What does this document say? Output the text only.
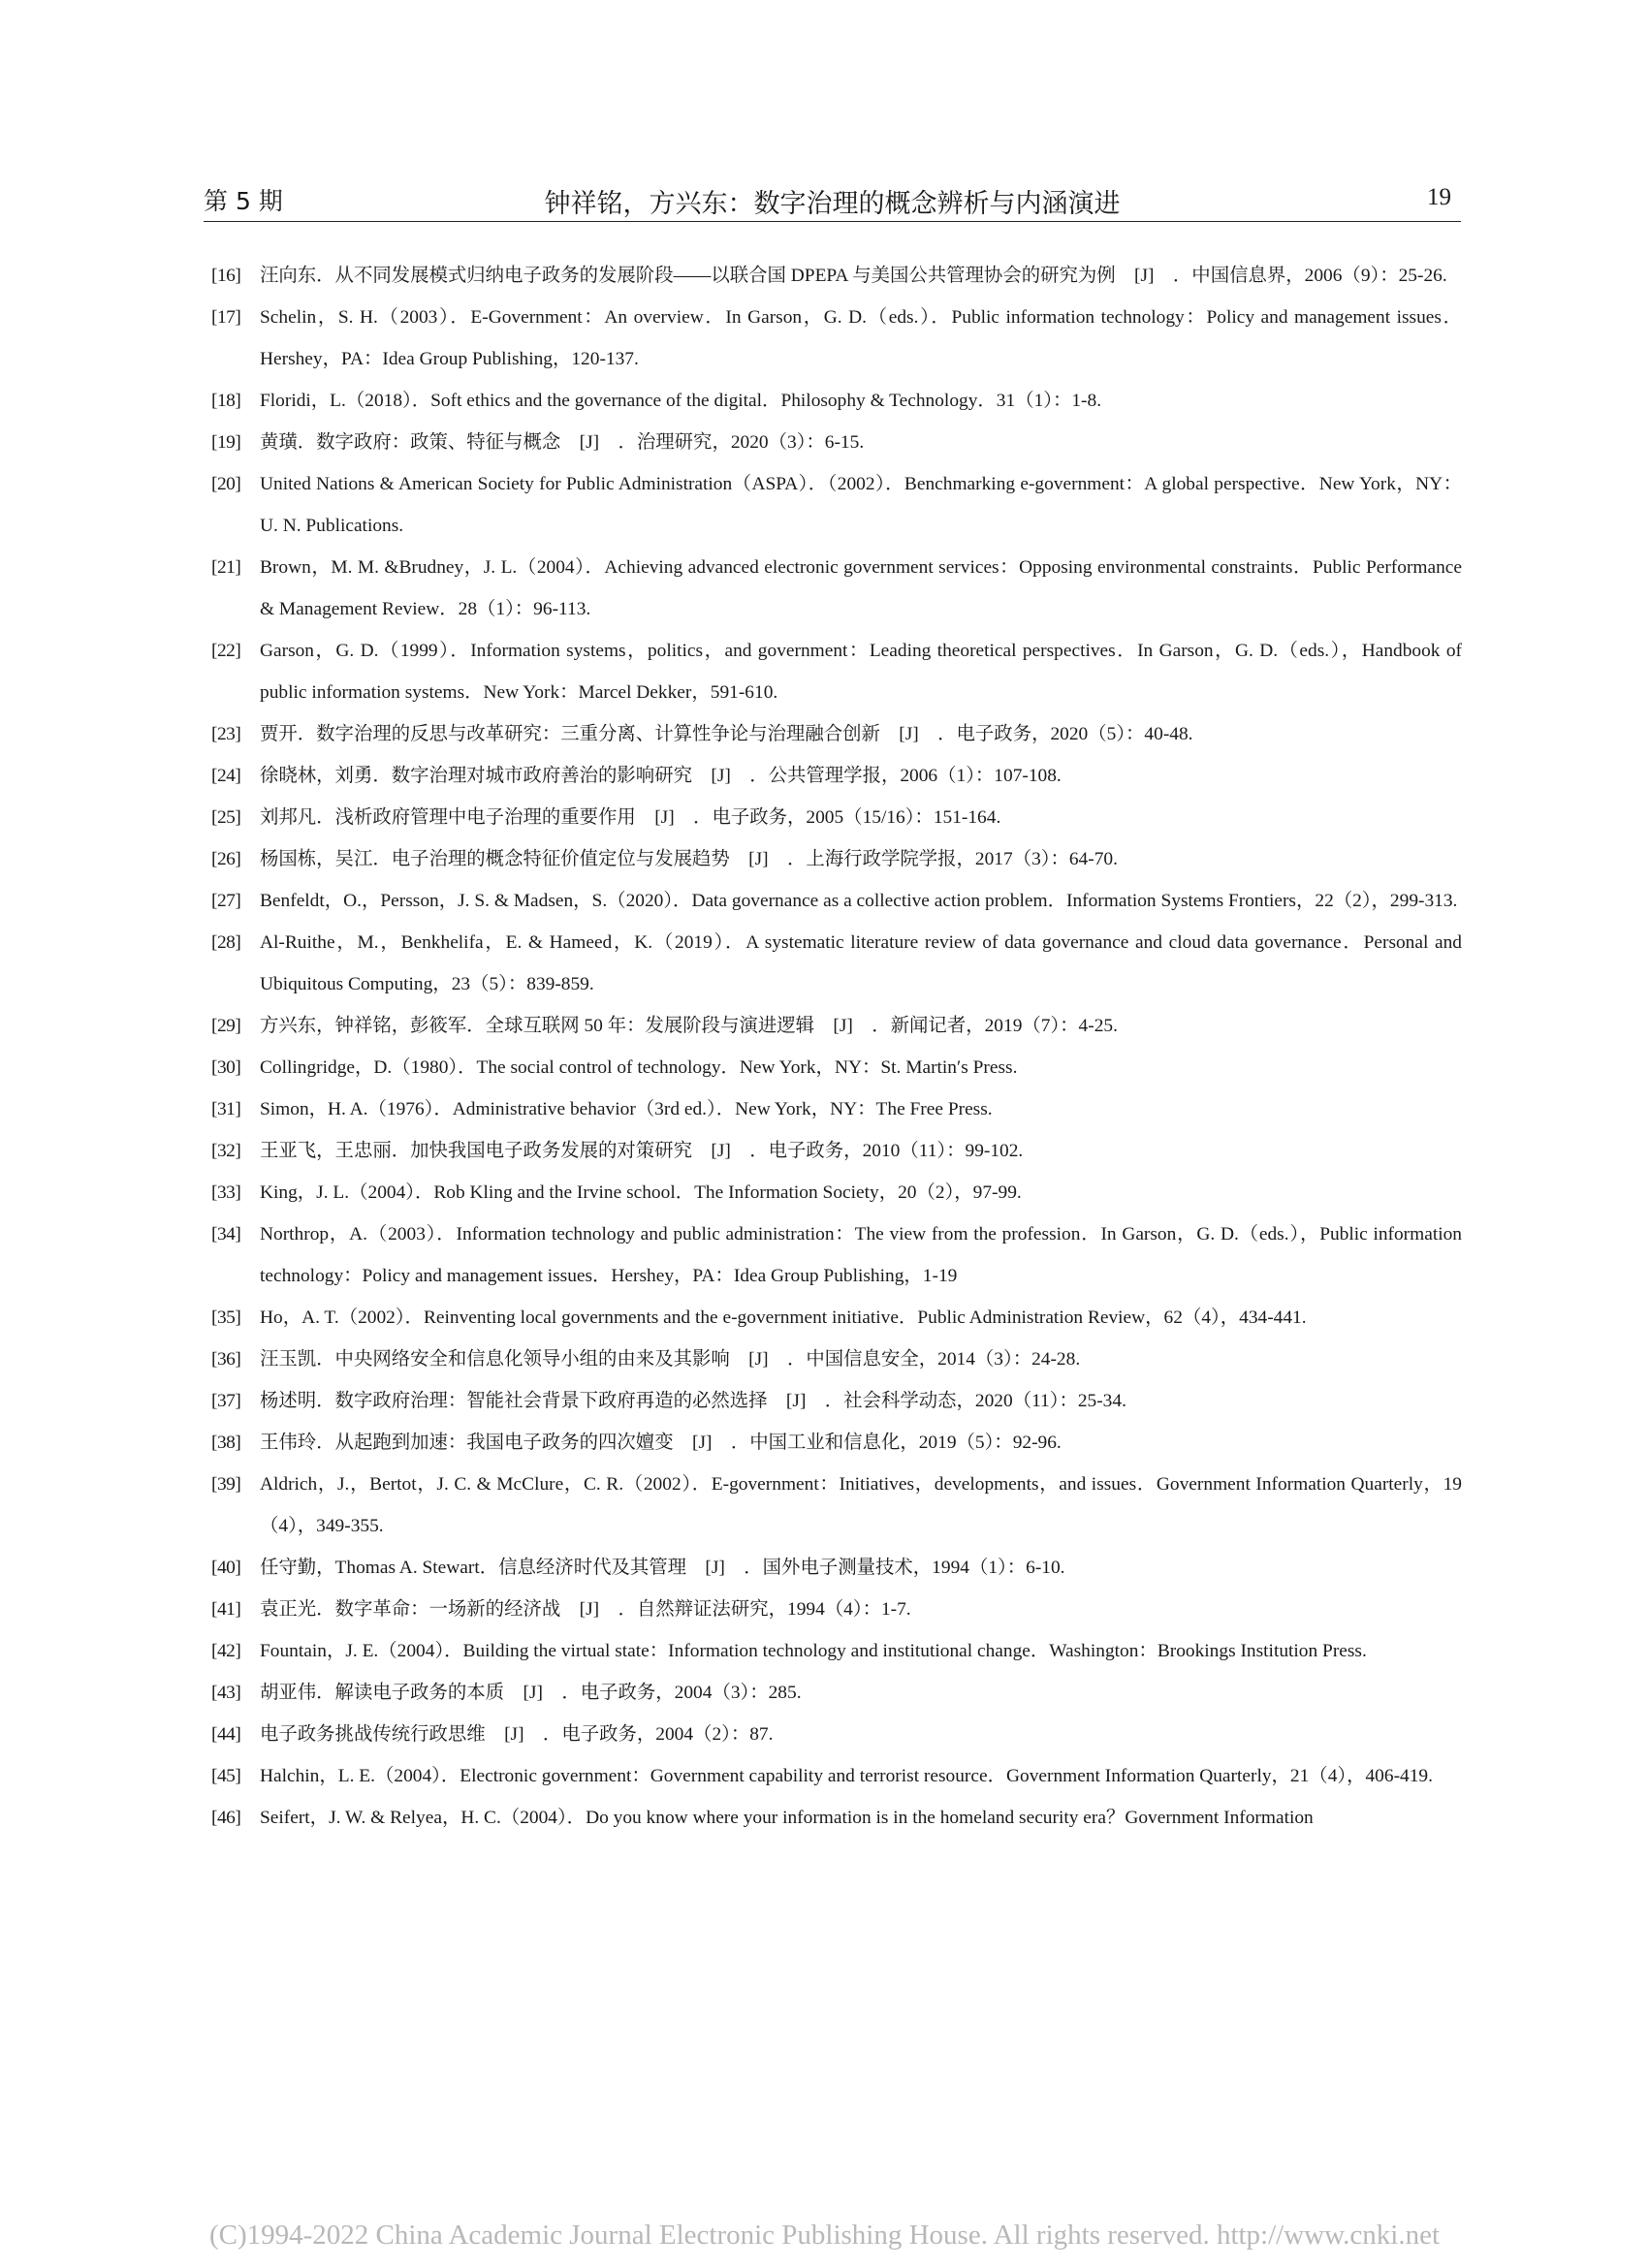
第 5 期	钟祥铭，方兴东：数字治理的概念辨析与内涵演进	19
[16]	汪向东．从不同发展模式归纳电子政务的发展阶段——以联合国 DPEPA 与美国公共管理协会的研究为例　[J]　．中国信息界，2006（9）：25-26.
[17]	Schelin，S. H.（2003）．E-Government：An overview．In Garson，G. D.（eds.）．Public information technology：Policy and management issues．Hershey，PA：Idea Group Publishing，120-137.
[18]	Floridi，L.（2018）．Soft ethics and the governance of the digital．Philosophy & Technology．31（1）：1-8.
[19]	黄璜．数字政府：政策、特征与概念　[J]　．治理研究，2020（3）：6-15.
[20]	United Nations & American Society for Public Administration（ASPA）．（2002）．Benchmarking e-government：A global perspective．New York，NY：U. N. Publications.
[21]	Brown，M. M. &Brudney，J. L.（2004）．Achieving advanced electronic government services：Opposing environmental constraints．Public Performance & Management Review．28（1）：96-113.
[22]	Garson，G. D.（1999）．Information systems，politics，and government：Leading theoretical perspectives．In Garson，G. D.（eds.），Handbook of public information systems．New York：Marcel Dekker，591-610.
[23]	贾开．数字治理的反思与改革研究：三重分离、计算性争论与治理融合创新　[J]　．电子政务，2020（5）：40-48.
[24]	徐晓林，刘勇．数字治理对城市政府善治的影响研究　[J]　．公共管理学报，2006（1）：107-108.
[25]	刘邦凡．浅析政府管理中电子治理的重要作用　[J]　．电子政务，2005（15/16）：151-164.
[26]	杨国栋，吴江．电子治理的概念特征价值定位与发展趋势　[J]　．上海行政学院学报，2017（3）：64-70.
[27]	Benfeldt，O.，Persson，J. S. & Madsen，S.（2020）．Data governance as a collective action problem．Information Systems Frontiers，22（2），299-313.
[28]	Al-Ruithe，M.，Benkhelifa，E. & Hameed，K.（2019）．A systematic literature review of data governance and cloud data governance．Personal and Ubiquitous Computing，23（5）：839-859.
[29]	方兴东，钟祥铭，彭筱军．全球互联网 50 年：发展阶段与演进逻辑　[J]　．新闻记者，2019（7）：4-25.
[30]	Collingridge，D.（1980）．The social control of technology．New York，NY：St. Martin′s Press.
[31]	Simon，H. A.（1976）．Administrative behavior（3rd ed.）．New York，NY：The Free Press.
[32]	王亚飞，王忠丽．加快我国电子政务发展的对策研究　[J]　．电子政务，2010（11）：99-102.
[33]	King，J. L.（2004）．Rob Kling and the Irvine school．The Information Society，20（2），97-99.
[34]	Northrop，A.（2003）．Information technology and public administration：The view from the profession．In Garson，G. D.（eds.），Public information technology：Policy and management issues．Hershey，PA：Idea Group Publishing，1-19
[35]	Ho，A. T.（2002）．Reinventing local governments and the e-government initiative．Public Administration Review，62（4），434-441.
[36]	汪玉凯．中央网络安全和信息化领导小组的由来及其影响　[J]　．中国信息安全，2014（3）：24-28.
[37]	杨述明．数字政府治理：智能社会背景下政府再造的必然选择　[J]　．社会科学动态，2020（11）：25-34.
[38]	王伟玲．从起跑到加速：我国电子政务的四次嬗变　[J]　．中国工业和信息化，2019（5）：92-96.
[39]	Aldrich，J.，Bertot，J. C. & McClure，C. R.（2002）．E-government：Initiatives，developments，and issues．Government Information Quarterly，19（4），349-355.
[40]	任守勤，Thomas A. Stewart．信息经济时代及其管理　[J]　．国外电子测量技术，1994（1）：6-10.
[41]	袁正光．数字革命：一场新的经济战　[J]　．自然辩证法研究，1994（4）：1-7.
[42]	Fountain，J. E.（2004）．Building the virtual state：Information technology and institutional change．Washington：Brookings Institution Press.
[43]	胡亚伟．解读电子政务的本质　[J]　．电子政务，2004（3）：285.
[44]	电子政务挑战传统行政思维　[J]　．电子政务，2004（2）：87.
[45]	Halchin，L. E.（2004）．Electronic government：Government capability and terrorist resource．Government Information Quarterly，21（4），406-419.
[46]	Seifert，J. W. & Relyea，H. C.（2004）．Do you know where your information is in the homeland security era？Government Information
(C)1994-2022 China Academic Journal Electronic Publishing House. All rights reserved. http://www.cnki.net
